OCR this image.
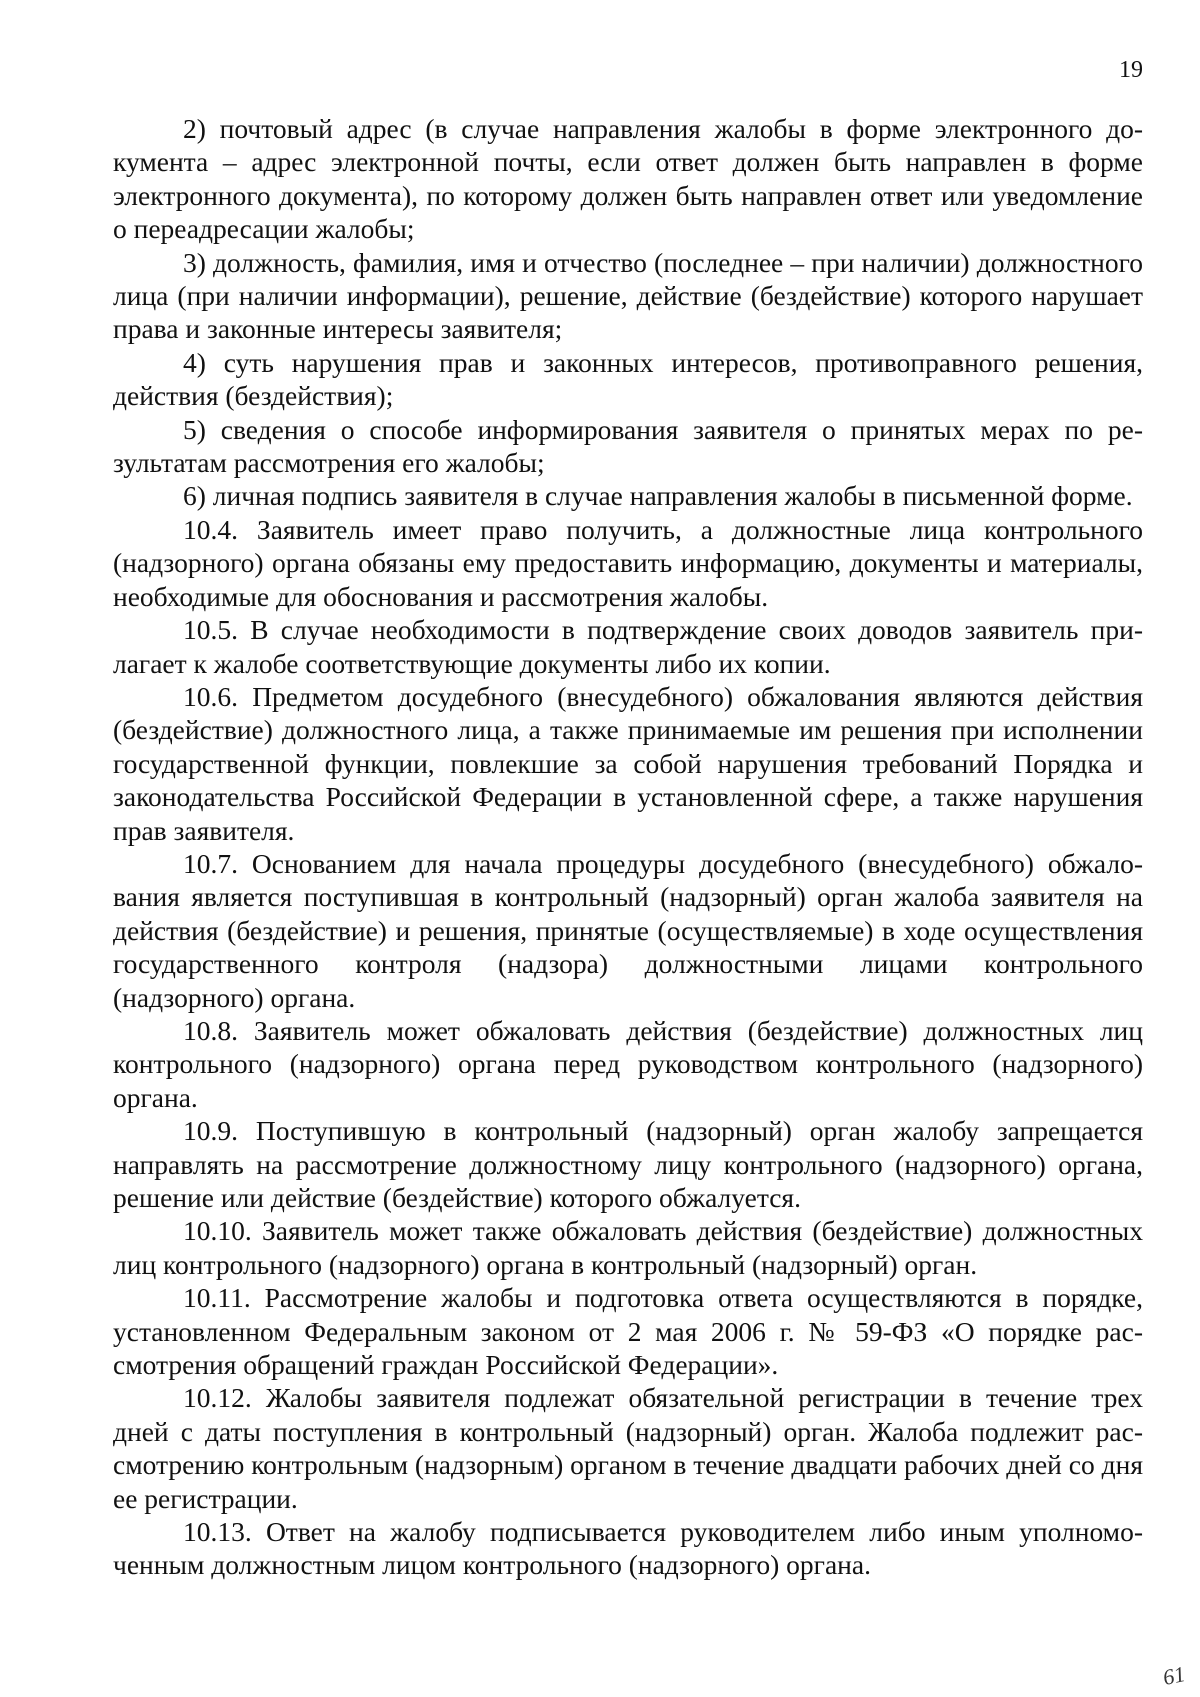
19

2) почтовый адрес (в случае направления жалобы в форме электронного документа – адрес электронной почты, если ответ должен быть направлен в форме электронного документа), по которому должен быть направлен ответ или уведомление о переадресации жалобы;

3) должность, фамилия, имя и отчество (последнее – при наличии) должностного лица (при наличии информации), решение, действие (бездействие) которого нарушает права и законные интересы заявителя;

4) суть нарушения прав и законных интересов, противоправного решения, действия (бездействия);

5) сведения о способе информирования заявителя о принятых мерах по результатам рассмотрения его жалобы;

6) личная подпись заявителя в случае направления жалобы в письменной форме.

10.4. Заявитель имеет право получить, а должностные лица контрольного (надзорного) органа обязаны ему предоставить информацию, документы и материалы, необходимые для обоснования и рассмотрения жалобы.

10.5. В случае необходимости в подтверждение своих доводов заявитель прилагает к жалобе соответствующие документы либо их копии.

10.6. Предметом досудебного (внесудебного) обжалования являются действия (бездействие) должностного лица, а также принимаемые им решения при исполнении государственной функции, повлекшие за собой нарушения требований Порядка и законодательства Российской Федерации в установленной сфере, а также нарушения прав заявителя.

10.7. Основанием для начала процедуры досудебного (внесудебного) обжалования является поступившая в контрольный (надзорный) орган жалоба заявителя на действия (бездействие) и решения, принятые (осуществляемые) в ходе осуществления государственного контроля (надзора) должностными лицами контрольного (надзорного) органа.

10.8. Заявитель может обжаловать действия (бездействие) должностных лиц контрольного (надзорного) органа перед руководством контрольного (надзорного) органа.

10.9. Поступившую в контрольный (надзорный) орган жалобу запрещается направлять на рассмотрение должностному лицу контрольного (надзорного) органа, решение или действие (бездействие) которого обжалуется.

10.10. Заявитель может также обжаловать действия (бездействие) должностных лиц контрольного (надзорного) органа в контрольный (надзорный) орган.

10.11. Рассмотрение жалобы и подготовка ответа осуществляются в порядке, установленном Федеральным законом от 2 мая 2006 г. № 59-ФЗ «О порядке рассмотрения обращений граждан Российской Федерации».

10.12. Жалобы заявителя подлежат обязательной регистрации в течение трех дней с даты поступления в контрольный (надзорный) орган. Жалоба подлежит рассмотрению контрольным (надзорным) органом в течение двадцати рабочих дней со дня ее регистрации.

10.13. Ответ на жалобу подписывается руководителем либо иным уполномоченным должностным лицом контрольного (надзорного) органа.

61
